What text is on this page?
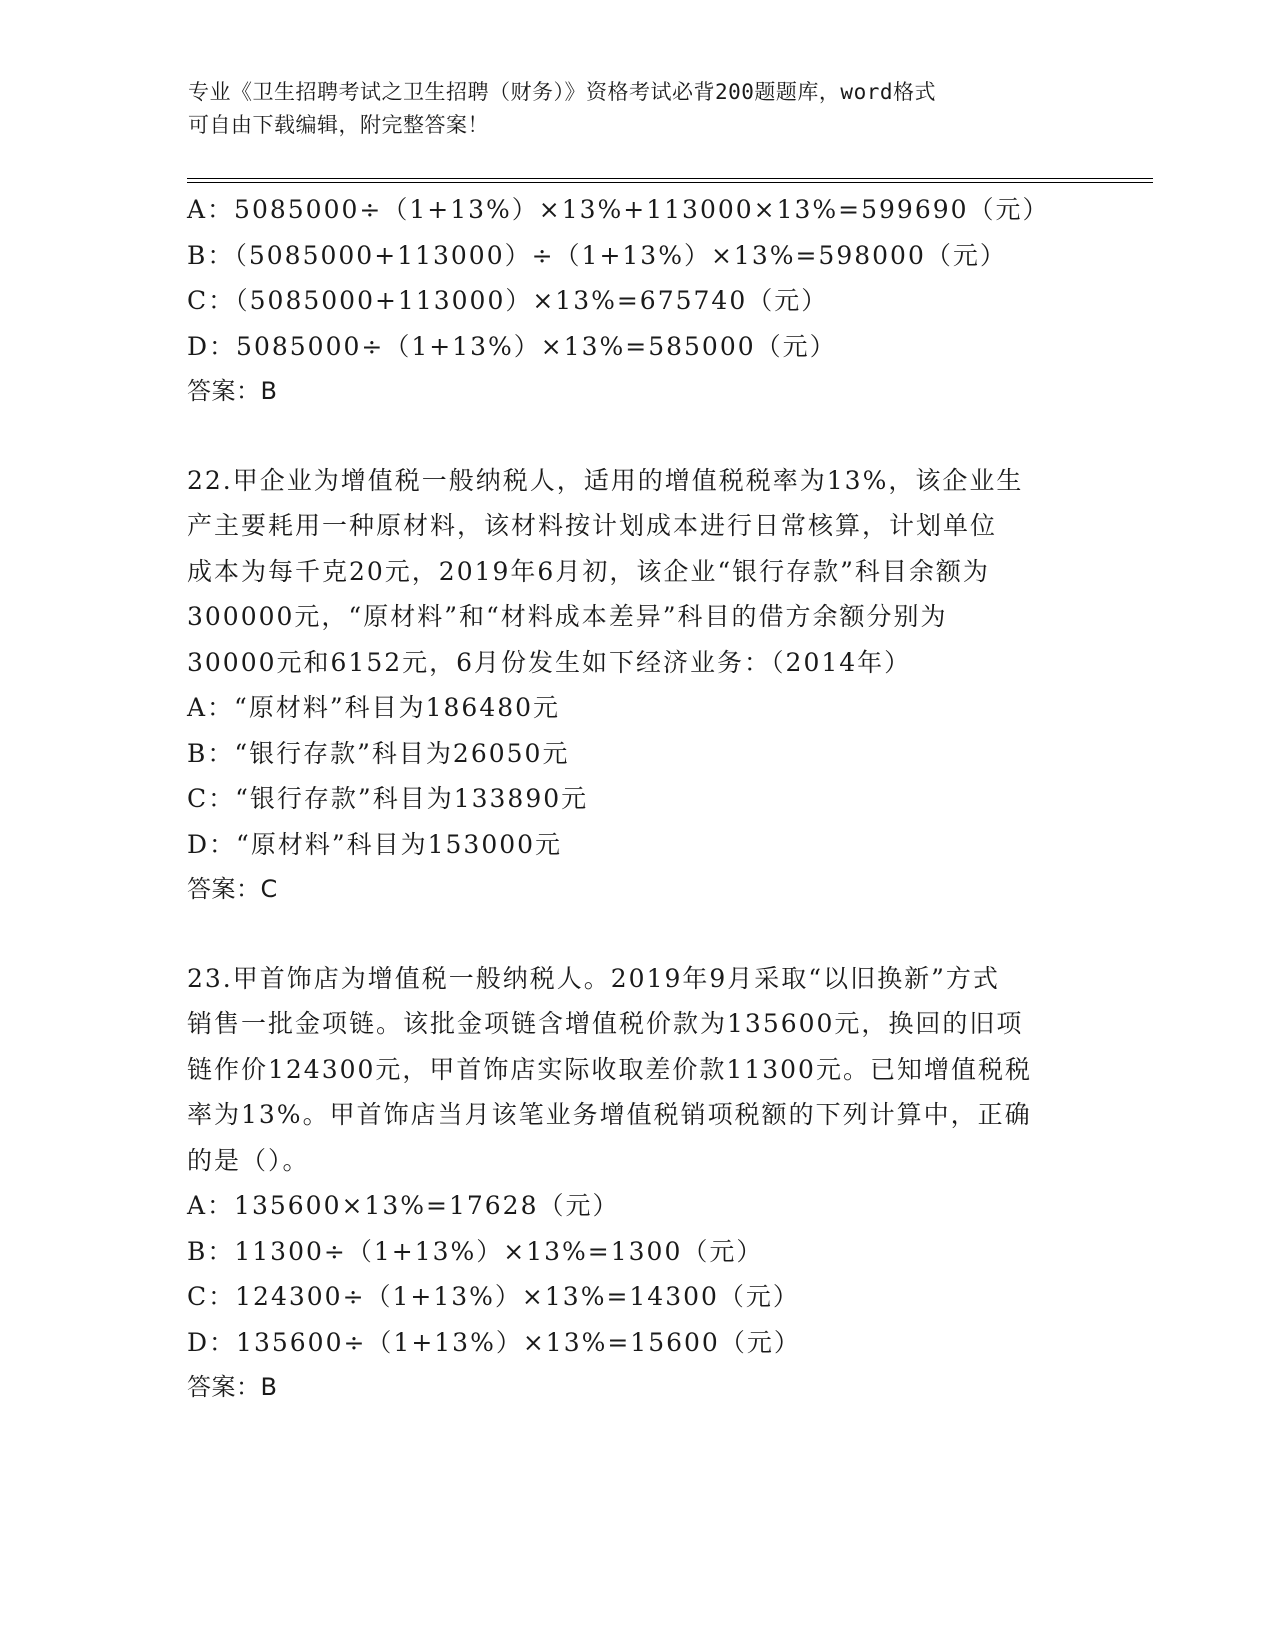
专业《卫生招聘考试之卫生招聘（财务）》资格考试必背200题题库，word格式
可自由下载编辑，附完整答案！
A：5085000÷（1+13%）×13%+113000×13%=599690（元）
B：（5085000+113000）÷（1+13%）×13%=598000（元）
C：（5085000+113000）×13%=675740（元）
D：5085000÷（1+13%）×13%=585000（元）
答案：B
22.甲企业为增值税一般纳税人，适用的增值税税率为13%，该企业生
产主要耗用一种原材料，该材料按计划成本进行日常核算，计划单位
成本为每千克20元，2019年6月初，该企业“银行存款”科目余额为
300000元，“原材料”和“材料成本差异”科目的借方余额分别为
30000元和6152元，6月份发生如下经济业务：（2014年）
A：“原材料”科目为186480元
B：“银行存款”科目为26050元
C：“银行存款”科目为133890元
D：“原材料”科目为153000元
答案：C
23.甲首饰店为增值税一般纳税人。2019年9月采取“以旧换新”方式
销售一批金项链。该批金项链含增值税价款为135600元，换回的旧项
链作价124300元，甲首饰店实际收取差价款11300元。已知增值税税
率为13%。甲首饰店当月该笔业务增值税销项税额的下列计算中，正确
的是（）。
A：135600×13%=17628（元）
B：11300÷（1+13%）×13%=1300（元）
C：124300÷（1+13%）×13%=14300（元）
D：135600÷（1+13%）×13%=15600（元）
答案：B
